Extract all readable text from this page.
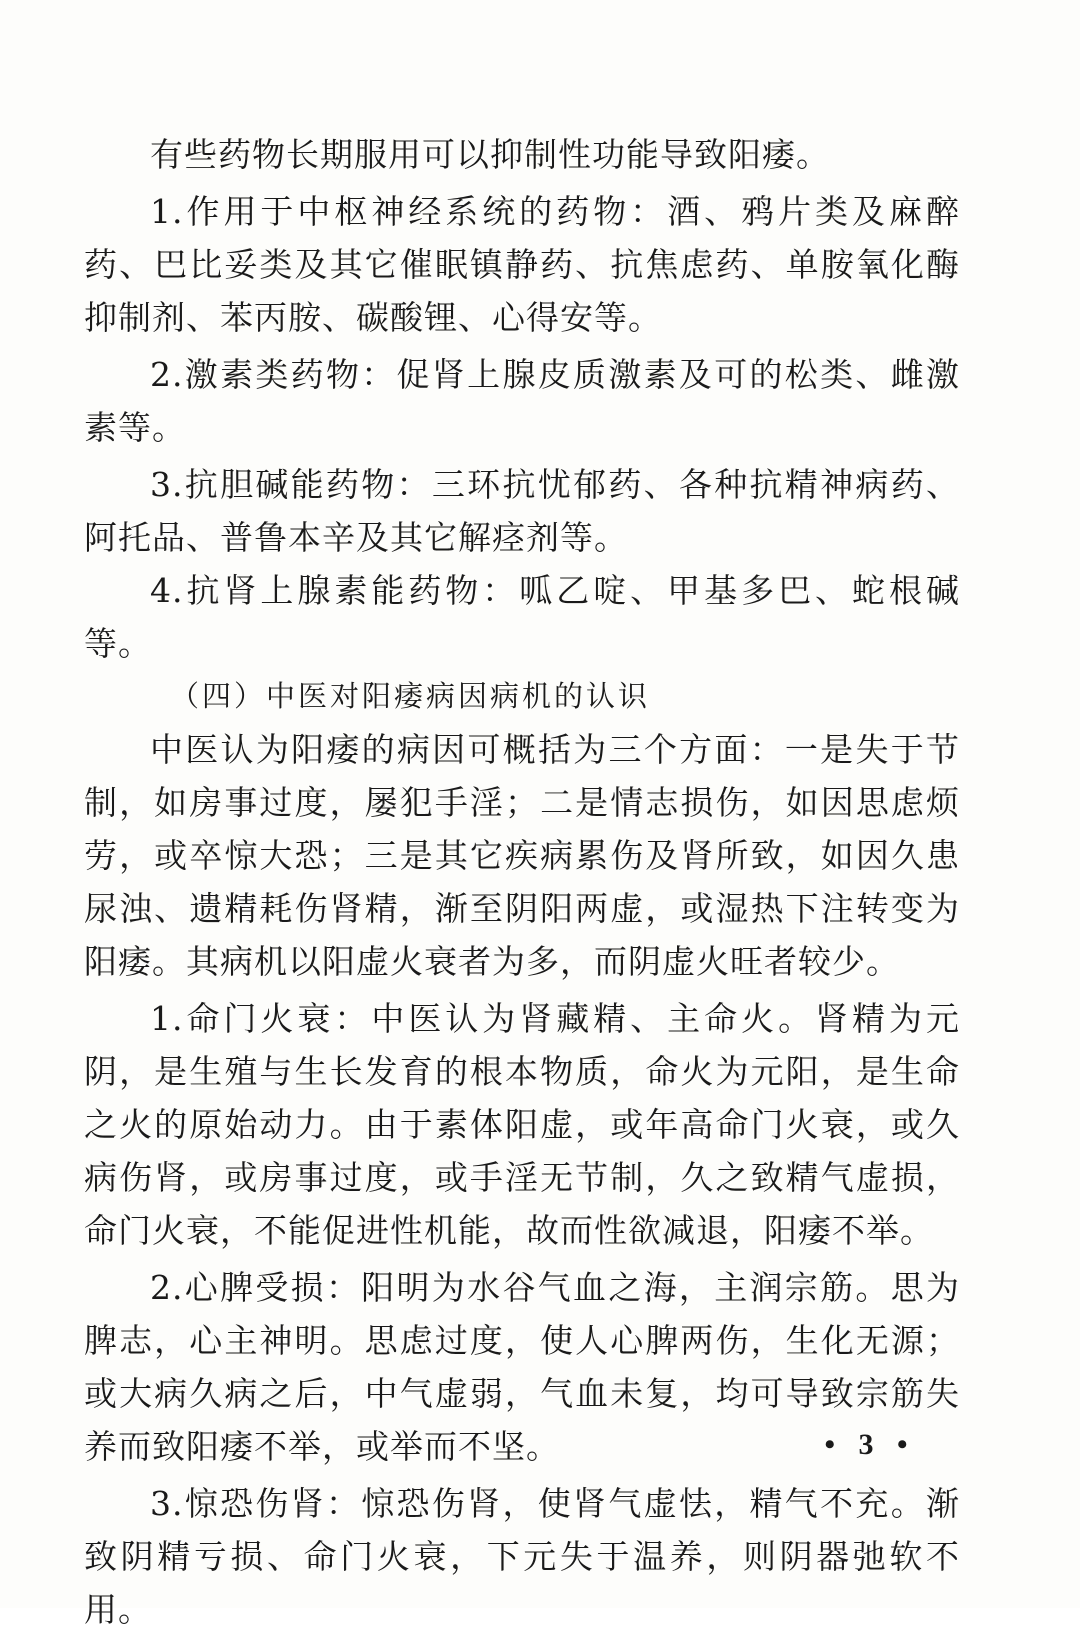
有些药物长期服用可以抑制性功能导致阳痿。

1.作用于中枢神经系统的药物：酒、鸦片类及麻醉药、巴比妥类及其它催眠镇静药、抗焦虑药、单胺氧化酶抑制剂、苯丙胺、碳酸锂、心得安等。

2.激素类药物：促肾上腺皮质激素及可的松类、雌激素等。

3.抗胆碱能药物：三环抗忧郁药、各种抗精神病药、阿托品、普鲁本辛及其它解痉剂等。

4.抗肾上腺素能药物：呱乙啶、甲基多巴、蛇根碱等。

（四）中医对阳痿病因病机的认识

中医认为阳痿的病因可概括为三个方面：一是失于节制，如房事过度，屡犯手淫；二是情志损伤，如因思虑烦劳，或卒惊大恐；三是其它疾病累伤及肾所致，如因久患尿浊、遗精耗伤肾精，渐至阴阳两虚，或湿热下注转变为阳痿。其病机以阳虚火衰者为多，而阴虚火旺者较少。

1.命门火衰：中医认为肾藏精、主命火。肾精为元阴，是生殖与生长发育的根本物质，命火为元阳，是生命之火的原始动力。由于素体阳虚，或年高命门火衰，或久病伤肾，或房事过度，或手淫无节制，久之致精气虚损，命门火衰，不能促进性机能，故而性欲减退，阳痿不举。

2.心脾受损：阳明为水谷气血之海，主润宗筋。思为脾志，心主神明。思虑过度，使人心脾两伤，生化无源；或大病久病之后，中气虚弱，气血未复，均可导致宗筋失养而致阳痿不举，或举而不坚。

3.惊恐伤肾：惊恐伤肾，使肾气虚怯，精气不充。渐致阴精亏损、命门火衰，下元失于温养，则阴器弛软不用。

• 3 •
